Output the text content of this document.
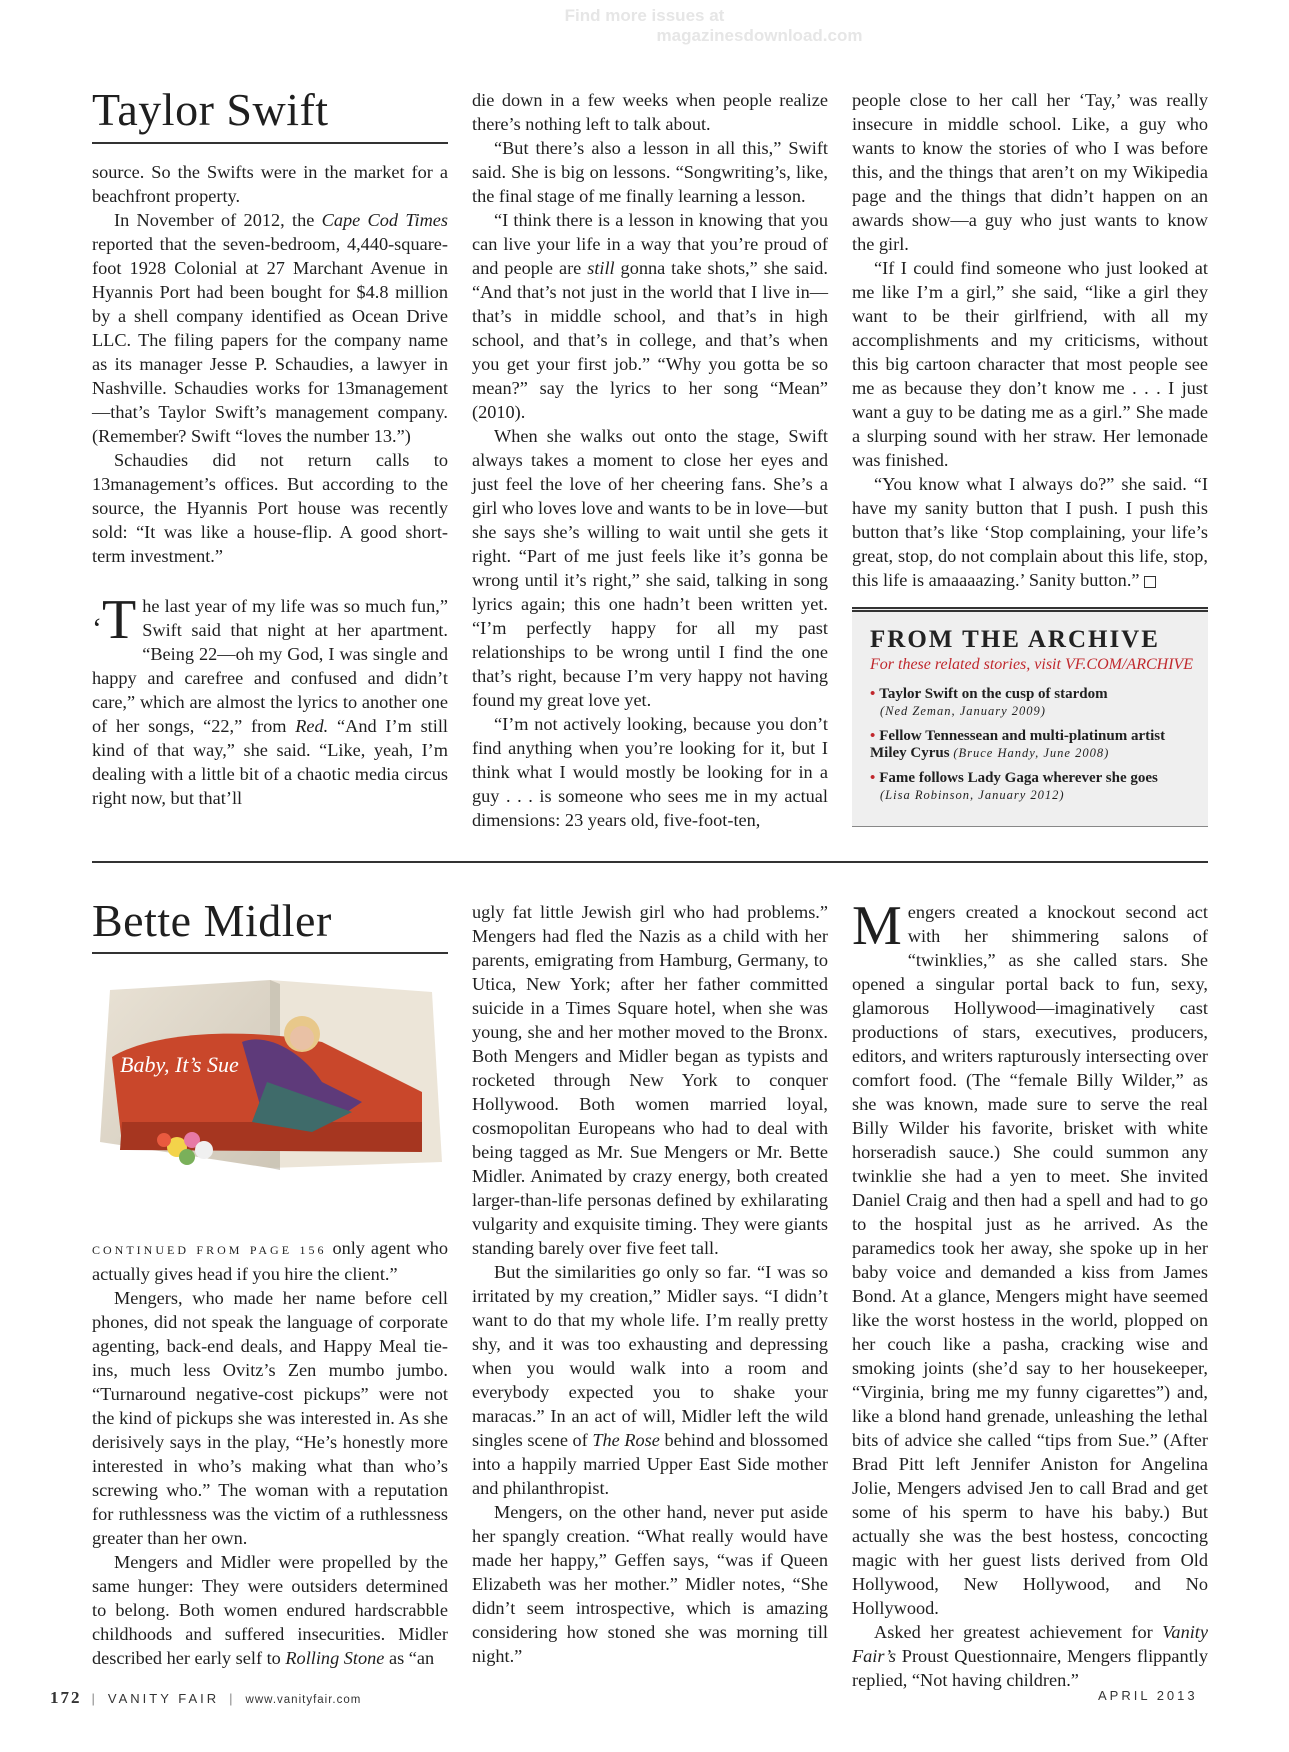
Find more issues at
magazinesdownload.com
Taylor Swift

source. So the Swifts were in the market for a beachfront property.

In November of 2012, the Cape Cod Times reported that the seven-bedroom, 4,440-square-foot 1928 Colonial at 27 Marchant Avenue in Hyannis Port had been bought for $4.8 million by a shell company identified as Ocean Drive LLC. The filing papers for the company name as its manager Jesse P. Schaudies, a lawyer in Nashville. Schaudies works for 13management—that’s Taylor Swift’s management company. (Remember? Swift “loves the number 13.”)

Schaudies did not return calls to 13management’s offices. But according to the source, the Hyannis Port house was recently sold: “It was like a house-flip. A good short-term investment.”

‘T he last year of my life was so much fun,” Swift said that night at her apartment. “Being 22—oh my God, I was single and happy and carefree and confused and didn’t care,” which are almost the lyrics to another one of her songs, “22,” from Red. “And I’m still kind of that way,” she said. “Like, yeah, I’m dealing with a little bit of a chaotic media circus right now, but that’ll

die down in a few weeks when people realize there’s nothing left to talk about.

“But there’s also a lesson in all this,” Swift said. She is big on lessons. “Songwriting’s, like, the final stage of me finally learning a lesson.

“I think there is a lesson in knowing that you can live your life in a way that you’re proud of and people are still gonna take shots,” she said. “And that’s not just in the world that I live in—that’s in middle school, and that’s in high school, and that’s in college, and that’s when you get your first job.” “Why you gotta be so mean?” say the lyrics to her song “Mean” (2010).

When she walks out onto the stage, Swift always takes a moment to close her eyes and just feel the love of her cheering fans. She’s a girl who loves love and wants to be in love—but she says she’s willing to wait until she gets it right. “Part of me just feels like it’s gonna be wrong until it’s right,” she said, talking in song lyrics again; this one hadn’t been written yet. “I’m perfectly happy for all my past relationships to be wrong until I find the one that’s right, because I’m very happy not having found my great love yet.

“I’m not actively looking, because you don’t find anything when you’re looking for it, but I think what I would mostly be looking for in a guy . . . is someone who sees me in my actual dimensions: 23 years old, five-foot-ten,

people close to her call her ‘Tay,’ was really insecure in middle school. Like, a guy who wants to know the stories of who I was before this, and the things that aren’t on my Wikipedia page and the things that didn’t happen on an awards show—a guy who just wants to know the girl.

“If I could find someone who just looked at me like I’m a girl,” she said, “like a girl they want to be their girlfriend, with all my accomplishments and my criticisms, without this big cartoon character that most people see me as because they don’t know me . . . I just want a guy to be dating me as a girl.” She made a slurping sound with her straw. Her lemonade was finished.

“You know what I always do?” she said. “I have my sanity button that I push. I push this button that’s like ‘Stop complaining, your life’s great, stop, do not complain about this life, stop, this life is amaaaazing.’ Sanity button.”

FROM THE ARCHIVE
For these related stories, visit VF.COM/ARCHIVE
• Taylor Swift on the cusp of stardom
(Ned Zeman, January 2009)
• Fellow Tennessean and multi-platinum artist Miley Cyrus (Bruce Handy, June 2008)
• Fame follows Lady Gaga wherever she goes
(Lisa Robinson, January 2012)
Bette Midler
Baby, It’s Sue

CONTINUED FROM PAGE 156 only agent who actually gives head if you hire the client.”

Mengers, who made her name before cell phones, did not speak the language of corporate agenting, back-end deals, and Happy Meal tie-ins, much less Ovitz’s Zen mumbo jumbo. “Turnaround negative-cost pickups” were not the kind of pickups she was interested in. As she derisively says in the play, “He’s honestly more interested in who’s making what than who’s screwing who.” The woman with a reputation for ruthlessness was the victim of a ruthlessness greater than her own.

Mengers and Midler were propelled by the same hunger: They were outsiders determined to belong. Both women endured hardscrabble childhoods and suffered insecurities. Midler described her early self to Rolling Stone as “an

ugly fat little Jewish girl who had problems.” Mengers had fled the Nazis as a child with her parents, emigrating from Hamburg, Germany, to Utica, New York; after her father committed suicide in a Times Square hotel, when she was young, she and her mother moved to the Bronx. Both Mengers and Midler began as typists and rocketed through New York to conquer Hollywood. Both women married loyal, cosmopolitan Europeans who had to deal with being tagged as Mr. Sue Mengers or Mr. Bette Midler. Animated by crazy energy, both created larger-than-life personas defined by exhilarating vulgarity and exquisite timing. They were giants standing barely over five feet tall.

But the similarities go only so far. “I was so irritated by my creation,” Midler says. “I didn’t want to do that my whole life. I’m really pretty shy, and it was too exhausting and depressing when you would walk into a room and everybody expected you to shake your maracas.” In an act of will, Midler left the wild singles scene of The Rose behind and blossomed into a happily married Upper East Side mother and philanthropist.

Mengers, on the other hand, never put aside her spangly creation. “What really would have made her happy,” Geffen says, “was if Queen Elizabeth was her mother.” Midler notes, “She didn’t seem introspective, which is amazing considering how stoned she was morning till night.”

Mengers created a knockout second act with her shimmering salons of “twinklies,” as she called stars. She opened a singular portal back to fun, sexy, glamorous Hollywood—imaginatively cast productions of stars, executives, producers, editors, and writers rapturously intersecting over comfort food. (The “female Billy Wilder,” as she was known, made sure to serve the real Billy Wilder his favorite, brisket with white horseradish sauce.) She could summon any twinklie she had a yen to meet. She invited Daniel Craig and then had a spell and had to go to the hospital just as he arrived. As the paramedics took her away, she spoke up in her baby voice and demanded a kiss from James Bond. At a glance, Mengers might have seemed like the worst hostess in the world, plopped on her couch like a pasha, cracking wise and smoking joints (she’d say to her housekeeper, “Virginia, bring me my funny cigarettes”) and, like a blond hand grenade, unleashing the lethal bits of advice she called “tips from Sue.” (After Brad Pitt left Jennifer Aniston for Angelina Jolie, Mengers advised Jen to call Brad and get some of his sperm to have his baby.) But actually she was the best hostess, concocting magic with her guest lists derived from Old Hollywood, New Hollywood, and No Hollywood.

Asked her greatest achievement for Vanity Fair’s Proust Questionnaire, Mengers flippantly replied, “Not having children.”

172 | VANITY FAIR | www.vanityfair.com	APRIL 2013
